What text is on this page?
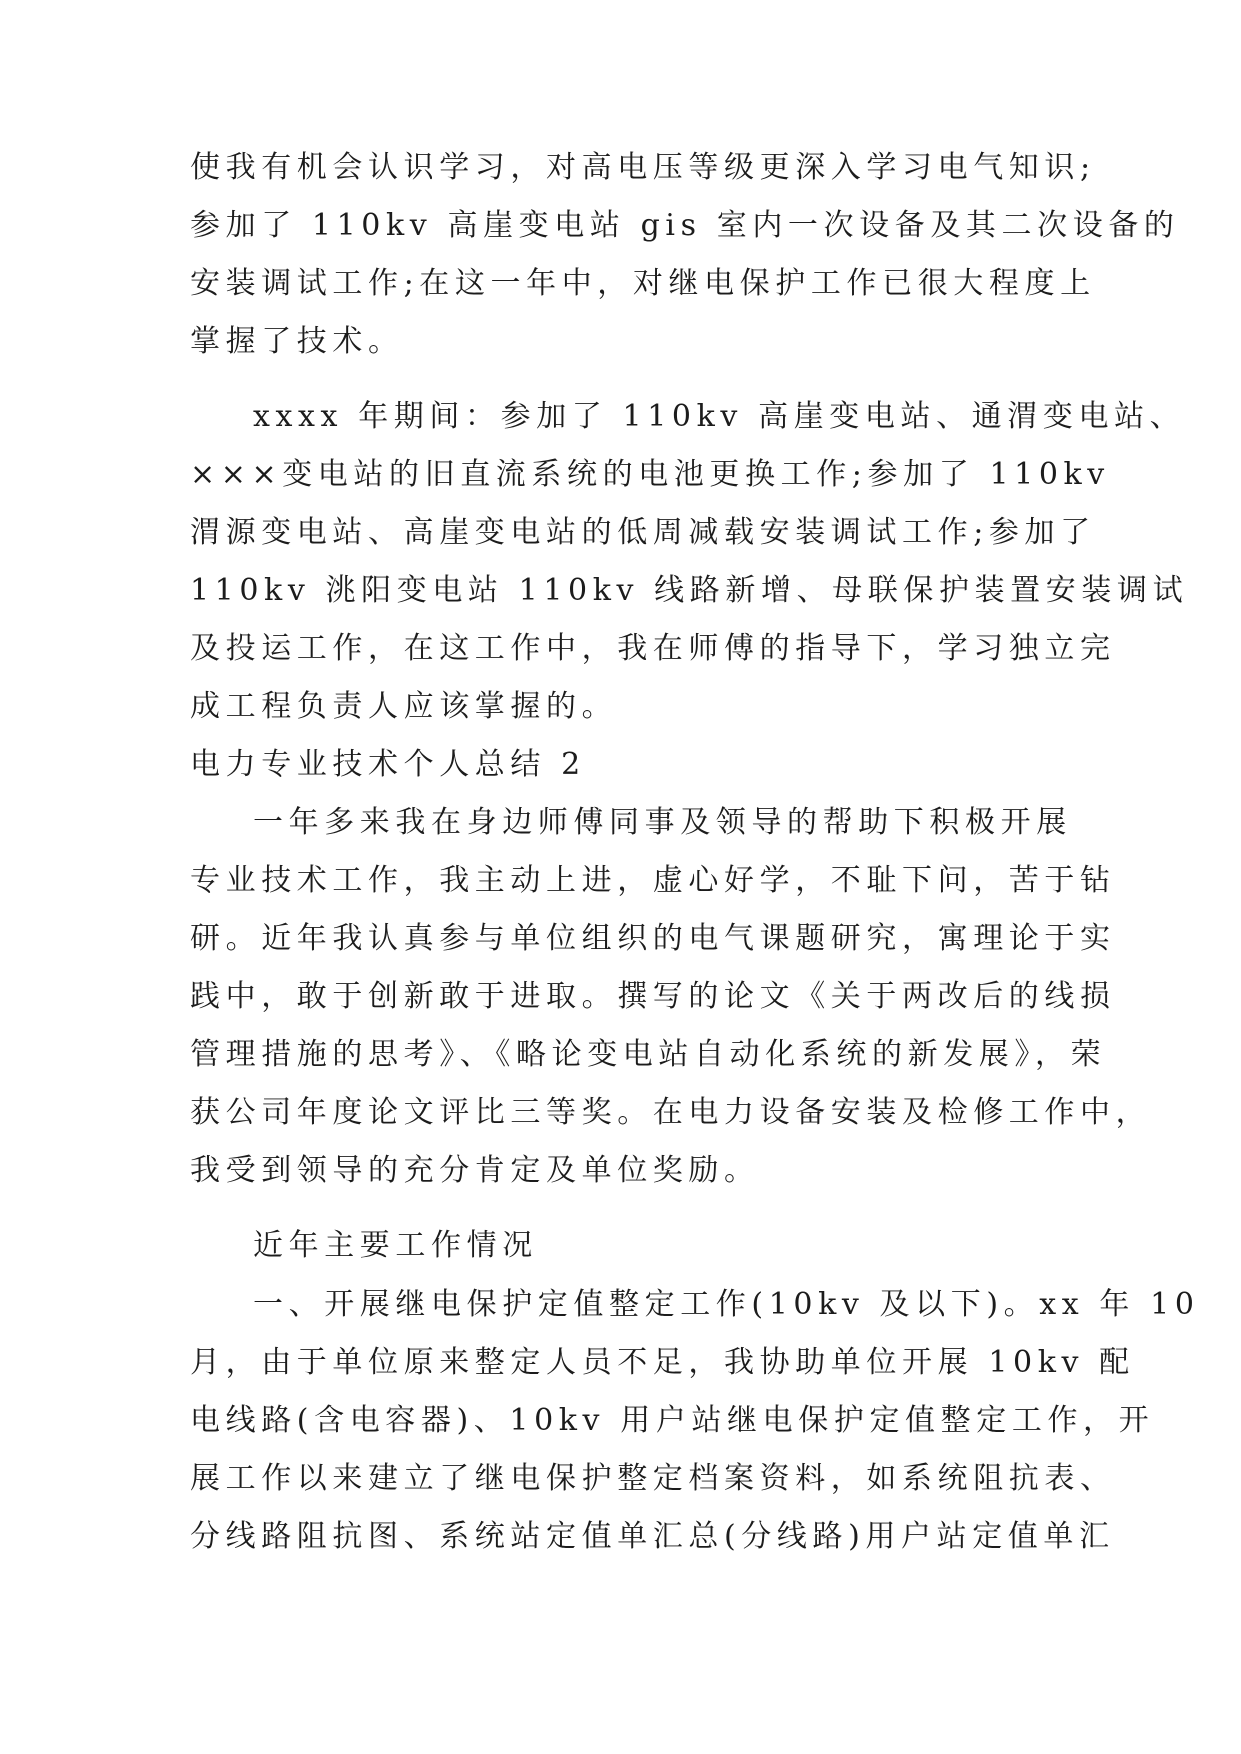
使我有机会认识学习，对高电压等级更深入学习电气知识;

参加了 110kv 高崖变电站 gis 室内一次设备及其二次设备的

安装调试工作;在这一年中，对继电保护工作已很大程度上

掌握了技术。

xxxx 年期间：参加了 110kv 高崖变电站、通渭变电站、

×××变电站的旧直流系统的电池更换工作;参加了 110kv

渭源变电站、高崖变电站的低周减载安装调试工作;参加了

110kv 洮阳变电站 110kv 线路新增、母联保护装置安装调试

及投运工作，在这工作中，我在师傅的指导下，学习独立完

成工程负责人应该掌握的。

电力专业技术个人总结 2

一年多来我在身边师傅同事及领导的帮助下积极开展

专业技术工作，我主动上进，虚心好学，不耻下问，苦于钻

研。近年我认真参与单位组织的电气课题研究，寓理论于实

践中，敢于创新敢于进取。撰写的论文《关于两改后的线损

管理措施的思考》、《略论变电站自动化系统的新发展》，荣

获公司年度论文评比三等奖。在电力设备安装及检修工作中，

我受到领导的充分肯定及单位奖励。

近年主要工作情况

一、开展继电保护定值整定工作(10kv 及以下)。xx 年 10

月，由于单位原来整定人员不足，我协助单位开展 10kv 配

电线路(含电容器)、10kv 用户站继电保护定值整定工作，开

展工作以来建立了继电保护整定档案资料，如系统阻抗表、

分线路阻抗图、系统站定值单汇总(分线路)用户站定值单汇
